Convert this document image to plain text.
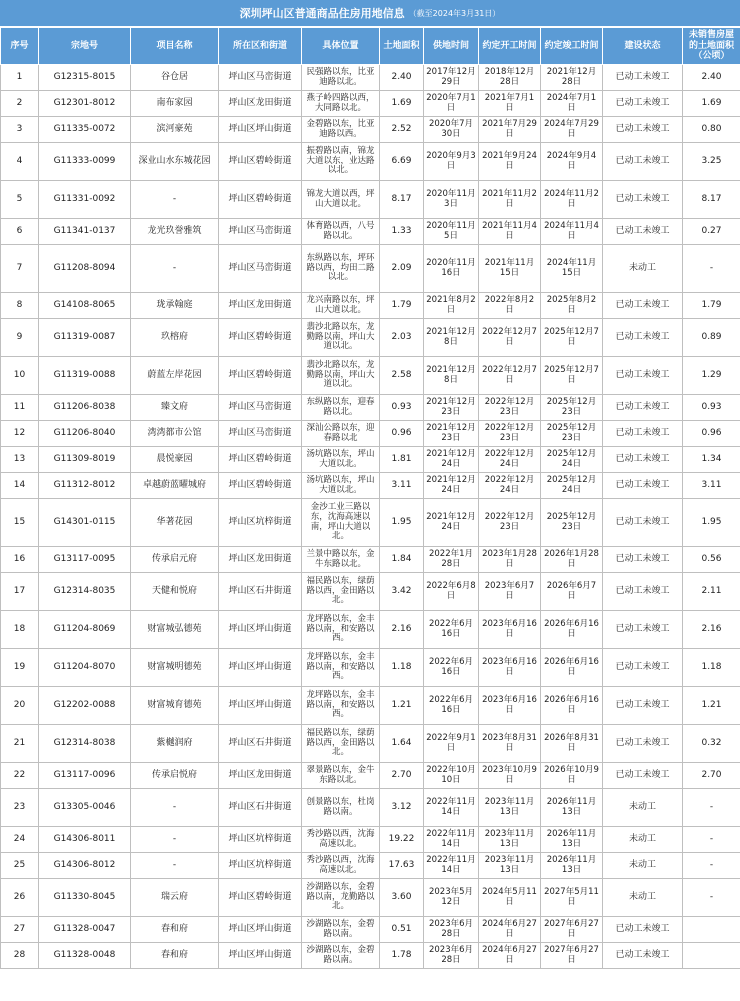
深圳坪山区普通商品住房用地信息 （截至2024年3月31日）
序号	宗地号	项目名称	所在区和街道	具体位置	土地面积	供地时间	约定开工时间	约定竣工时间	建设状态	未销售房屋的土地面积（公顷）
1	G12315-8015	谷仓居	坪山区马峦街道	民强路以东，比亚迪路以北。	2.40	2017年12月29日	2018年12月28日	2021年12月28日	已动工未竣工	2.40
2	G12301-8012	南布家园	坪山区龙田街道	燕子岭四路以西，大同路以北。	1.69	2020年7月1日	2021年7月1日	2024年7月1日	已动工未竣工	1.69
3	G11335-0072	滨河豪苑	坪山区坪山街道	金碧路以东，比亚迪路以西。	2.52	2020年7月30日	2021年7月29日	2024年7月29日	已动工未竣工	0.80
4	G11333-0099	深业山水东城花园	坪山区碧岭街道	振碧路以南，锦龙大道以东，业达路以北。	6.69	2020年9月3日	2021年9月24日	2024年9月4日	已动工未竣工	3.25
5	G11331-0092	-	坪山区碧岭街道	锦龙大道以西，坪山大道以北。	8.17	2020年11月3日	2021年11月2日	2024年11月2日	已动工未竣工	8.17
6	G11341-0137	龙光玖誉雅筑	坪山区马峦街道	体育路以西，八号路以北。	1.33	2020年11月5日	2021年11月4日	2024年11月4日	已动工未竣工	0.27
7	G11208-8094	-	坪山区马峦街道	东纵路以东，坪环路以西，均田二路以北。	2.09	2020年11月16日	2021年11月15日	2024年11月15日	未动工	-
8	G14108-8065	珑承翰庭	坪山区龙田街道	龙兴南路以东，坪山大道以北。	1.79	2021年8月2日	2022年8月2日	2025年8月2日	已动工未竣工	1.79
9	G11319-0087	玖榕府	坪山区碧岭街道	翡沙北路以东，龙勤路以南，坪山大道以北。	2.03	2021年12月8日	2022年12月7日	2025年12月7日	已动工未竣工	0.89
10	G11319-0088	蔚蓝左岸花园	坪山区碧岭街道	翡沙北路以东，龙勤路以南，坪山大道以北。	2.58	2021年12月8日	2022年12月7日	2025年12月7日	已动工未竣工	1.29
11	G11206-8038	臻文府	坪山区马峦街道	东纵路以东，迎春路以北。	0.93	2021年12月23日	2022年12月23日	2025年12月23日	已动工未竣工	0.93
12	G11206-8040	湾湾都市公馆	坪山区马峦街道	深汕公路以东，迎春路以北	0.96	2021年12月23日	2022年12月23日	2025年12月23日	已动工未竣工	0.96
13	G11309-8019	晨悦豪园	坪山区碧岭街道	汤坑路以东，坪山大道以北。	1.81	2021年12月24日	2022年12月24日	2025年12月24日	已动工未竣工	1.34
14	G11312-8012	卓越蔚蓝曜城府	坪山区碧岭街道	汤坑路以东，坪山大道以北。	3.11	2021年12月24日	2022年12月24日	2025年12月24日	已动工未竣工	3.11
15	G14301-0115	华著花园	坪山区坑梓街道	金沙工业三路以东，沈海高速以南，坪山大道以北。	1.95	2021年12月24日	2022年12月23日	2025年12月23日	已动工未竣工	1.95
16	G13117-0095	传承启元府	坪山区龙田街道	兰景中路以东，金牛东路以北。	1.84	2022年1月28日	2023年1月28日	2026年1月28日	已动工未竣工	0.56
17	G12314-8035	天健和悦府	坪山区石井街道	福民路以东，绿荫路以西，金田路以北。	3.42	2022年6月8日	2023年6月7日	2026年6月7日	已动工未竣工	2.11
18	G11204-8069	财富城弘德苑	坪山区坪山街道	龙坪路以东，金丰路以南，和安路以西。	2.16	2022年6月16日	2023年6月16日	2026年6月16日	已动工未竣工	2.16
19	G11204-8070	财富城明德苑	坪山区坪山街道	龙坪路以东，金丰路以南，和安路以西。	1.18	2022年6月16日	2023年6月16日	2026年6月16日	已动工未竣工	1.18
20	G12202-0088	财富城育德苑	坪山区坪山街道	龙坪路以东，金丰路以南，和安路以西。	1.21	2022年6月16日	2023年6月16日	2026年6月16日	已动工未竣工	1.21
21	G12314-8038	紫樾润府	坪山区石井街道	福民路以东，绿荫路以西，金田路以北。	1.64	2022年9月1日	2023年8月31日	2026年8月31日	已动工未竣工	0.32
22	G13117-0096	传承启悦府	坪山区龙田街道	翠景路以东，金牛东路以北。	2.70	2022年10月10日	2023年10月9日	2026年10月9日	已动工未竣工	2.70
23	G13305-0046	-	坪山区石井街道	创景路以东，杜岗路以南。	3.12	2022年11月14日	2023年11月13日	2026年11月13日	未动工	-
24	G14306-8011	-	坪山区坑梓街道	秀沙路以西，沈海高速以北。	19.22	2022年11月14日	2023年11月13日	2026年11月13日	未动工	-
25	G14306-8012	-	坪山区坑梓街道	秀沙路以西，沈海高速以北。	17.63	2022年11月14日	2023年11月13日	2026年11月13日	未动工	-
26	G11330-8045	瑞云府	坪山区碧岭街道	沙湖路以东，金碧路以南，龙勤路以北。	3.60	2023年5月12日	2024年5月11日	2027年5月11日	未动工	-
27	G11328-0047	春和府	坪山区坪山街道	沙湖路以东，金碧路以南。	0.51	2023年6月28日	2024年6月27日	2027年6月27日	已动工未竣工	
28	G11328-0048	春和府	坪山区坪山街道	沙湖路以东，金碧路以南。	1.78	2023年6月28日	2024年6月27日	2027年6月27日	已动工未竣工	
